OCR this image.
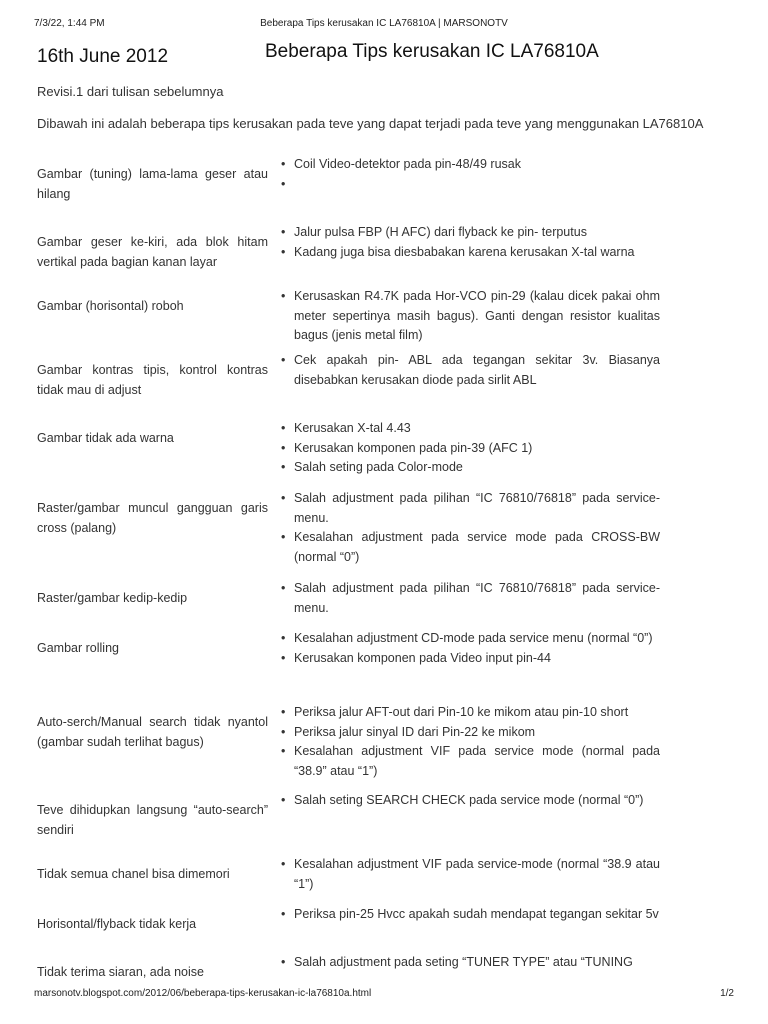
7/3/22, 1:44 PM	Beberapa Tips kerusakan IC LA76810A | MARSONOTV
16th June 2012	Beberapa Tips kerusakan IC LA76810A
Revisi.1 dari tulisan sebelumnya
Dibawah ini adalah beberapa tips kerusakan pada teve yang dapat terjadi pada teve yang menggunakan LA76810A
Gambar (tuning) lama-lama geser atau hilang
• Coil Video-detektor pada pin-48/49 rusak
•
Gambar geser ke-kiri, ada blok hitam vertikal pada bagian kanan layar
• Jalur pulsa FBP (H AFC) dari flyback ke pin- terputus
• Kadang juga bisa diesbabakan karena kerusakan X-tal warna
Gambar (horisontal) roboh
• Kerusaskan R4.7K pada Hor-VCO pin-29 (kalau dicek pakai ohm meter sepertinya masih bagus). Ganti dengan resistor kualitas bagus (jenis metal film)
Gambar kontras tipis, kontrol kontras tidak mau di adjust
• Cek apakah pin- ABL ada tegangan sekitar 3v. Biasanya disebabkan kerusakan diode pada sirlit ABL
Gambar tidak ada warna
• Kerusakan X-tal 4.43
• Kerusakan komponen pada pin-39 (AFC 1)
• Salah seting pada Color-mode
Raster/gambar muncul gangguan garis cross (palang)
• Salah adjustment pada pilihan “IC 76810/76818” pada service-menu.
• Kesalahan adjustment pada service mode pada CROSS-BW (normal “0”)
Raster/gambar kedip-kedip
• Salah adjustment pada pilihan “IC 76810/76818” pada service-menu.
Gambar rolling
• Kesalahan adjustment CD-mode pada service menu (normal “0”)
• Kerusakan komponen pada Video input pin-44
Auto-serch/Manual search tidak nyantol (gambar sudah terlihat bagus)
• Periksa jalur AFT-out dari Pin-10 ke mikom atau pin-10 short
• Periksa jalur sinyal ID dari Pin-22 ke mikom
• Kesalahan adjustment VIF pada service mode (normal pada “38.9” atau “1”)
Teve dihidupkan langsung “auto-search” sendiri
• Salah seting SEARCH CHECK pada service mode (normal “0”)
Tidak semua chanel bisa dimemori
• Kesalahan adjustment VIF pada service-mode (normal “38.9 atau “1”)
Horisontal/flyback tidak kerja
• Periksa pin-25 Hvcc apakah sudah mendapat tegangan sekitar 5v
Tidak terima siaran, ada noise
• Salah adjustment pada seting “TUNER TYPE” atau “TUNING
marsonotv.blogspot.com/2012/06/beberapa-tips-kerusakan-ic-la76810a.html	1/2
